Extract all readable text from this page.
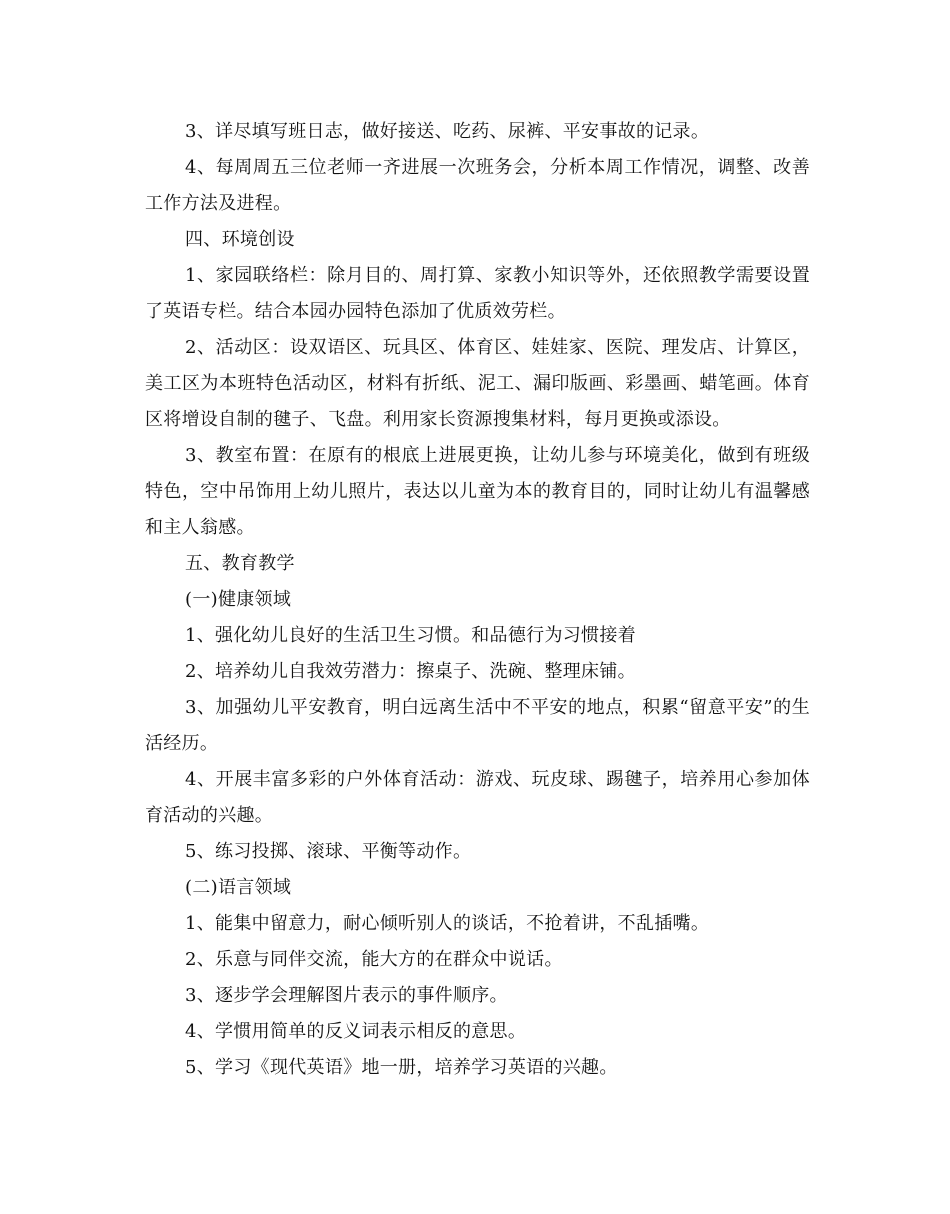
3、详尽填写班日志，做好接送、吃药、尿裤、平安事故的记录。

4、每周周五三位老师一齐进展一次班务会，分析本周工作情况，调整、改善工作方法及进程。

四、环境创设

1、家园联络栏：除月目的、周打算、家教小知识等外，还依照教学需要设置了英语专栏。结合本园办园特色添加了优质效劳栏。

2、活动区：设双语区、玩具区、体育区、娃娃家、医院、理发店、计算区，美工区为本班特色活动区，材料有折纸、泥工、漏印版画、彩墨画、蜡笔画。体育区将增设自制的毽子、飞盘。利用家长资源搜集材料，每月更换或添设。

3、教室布置：在原有的根底上进展更换，让幼儿参与环境美化，做到有班级特色，空中吊饰用上幼儿照片，表达以儿童为本的教育目的，同时让幼儿有温馨感和主人翁感。

五、教育教学

(一)健康领域

1、强化幼儿良好的生活卫生习惯。和品德行为习惯接着

2、培养幼儿自我效劳潜力：擦桌子、洗碗、整理床铺。

3、加强幼儿平安教育，明白远离生活中不平安的地点，积累“留意平安”的生活经历。

4、开展丰富多彩的户外体育活动：游戏、玩皮球、踢毽子，培养用心参加体育活动的兴趣。

5、练习投掷、滚球、平衡等动作。

(二)语言领域

1、能集中留意力，耐心倾听别人的谈话，不抢着讲，不乱插嘴。

2、乐意与同伴交流，能大方的在群众中说话。

3、逐步学会理解图片表示的事件顺序。

4、学惯用简单的反义词表示相反的意思。

5、学习《现代英语》地一册，培养学习英语的兴趣。
